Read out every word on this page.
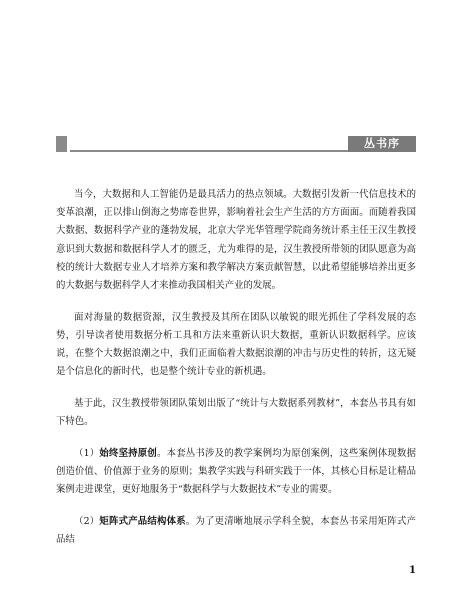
丛书序

当今，大数据和人工智能仍是最具活力的热点领域。大数据引发新一代信息技术的变革浪潮，正以排山倒海之势席卷世界，影响着社会生产生活的方方面面。而随着我国大数据、数据科学产业的蓬勃发展，北京大学光华管理学院商务统计系主任王汉生教授意识到大数据和数据科学人才的匮乏，尤为难得的是，汉生教授所带领的团队愿意为高校的统计大数据专业人才培养方案和教学解决方案贡献智慧，以此希望能够培养出更多的大数据与数据科学人才来推动我国相关产业的发展。

面对海量的数据资源，汉生教授及其所在团队以敏锐的眼光抓住了学科发展的态势，引导读者使用数据分析工具和方法来重新认识大数据，重新认识数据科学。应该说，在整个大数据浪潮之中，我们正面临着大数据浪潮的冲击与历史性的转折，这无疑是个信息化的新时代，也是整个统计专业的新机遇。

基于此，汉生教授带领团队策划出版了“统计与大数据系列教材”，本套丛书具有如下特色。

（1）始终坚持原创。本套丛书涉及的教学案例均为原创案例，这些案例体现数据创造价值、价值源于业务的原则；集教学实践与科研实践于一体，其核心目标是让精品案例走进课堂，更好地服务于“数据科学与大数据技术”专业的需要。

（2）矩阵式产品结构体系。为了更清晰地展示学科全貌，本套丛书采用矩阵式产品结

1
